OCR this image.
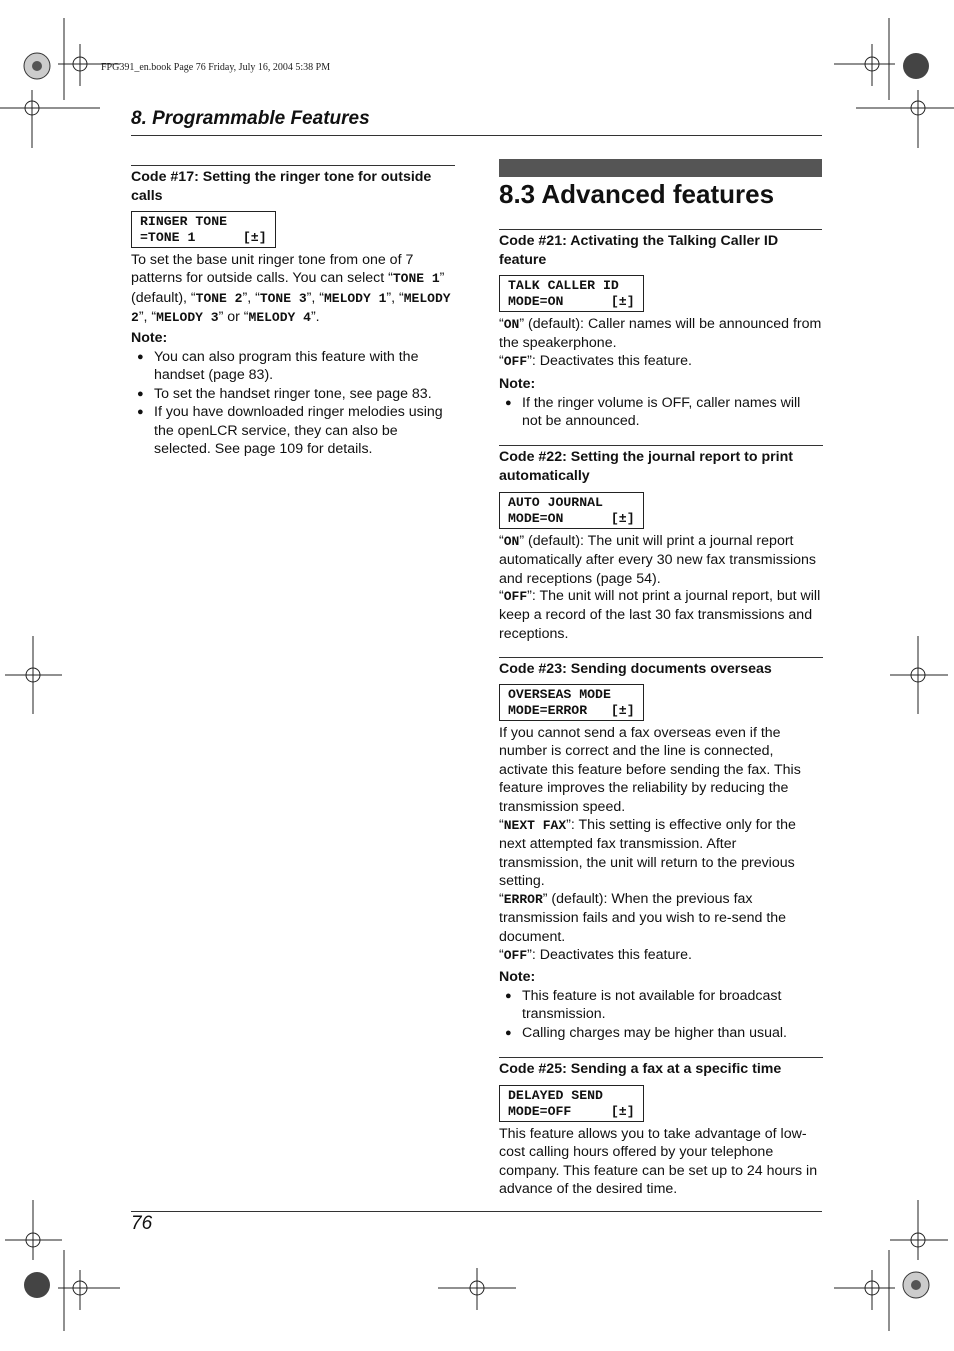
FPG391_en.book Page 76 Friday, July 16, 2004 5:38 PM
8. Programmable Features
Code #17: Setting the ringer tone for outside calls
RINGER TONE
=TONE 1      [±]

To set the base unit ringer tone from one of 7 patterns for outside calls. You can select “TONE 1” (default), “TONE 2”, “TONE 3”, “MELODY 1”, “MELODY 2”, “MELODY 3” or “MELODY 4”.

Note:
● You can also program this feature with the handset (page 83).
● To set the handset ringer tone, see page 83.
● If you have downloaded ringer melodies using the openLCR service, they can also be selected. See page 109 for details.
8.3 Advanced features
Code #21: Activating the Talking Caller ID feature
TALK CALLER ID
MODE=ON      [±]

“ON” (default): Caller names will be announced from the speakerphone.

“OFF”: Deactivates this feature.

Note:
● If the ringer volume is OFF, caller names will not be announced.
Code #22: Setting the journal report to print automatically
AUTO JOURNAL
MODE=ON      [±]

“ON” (default): The unit will print a journal report automatically after every 30 new fax transmissions and receptions (page 54).

“OFF”: The unit will not print a journal report, but will keep a record of the last 30 fax transmissions and receptions.

Code #23: Sending documents overseas
OVERSEAS MODE
MODE=ERROR   [±]

If you cannot send a fax overseas even if the number is correct and the line is connected, activate this feature before sending the fax. This feature improves the reliability by reducing the transmission speed.

“NEXT FAX”: This setting is effective only for the next attempted fax transmission. After transmission, the unit will return to the previous setting.

“ERROR” (default): When the previous fax transmission fails and you wish to re-send the document.

“OFF”: Deactivates this feature.

Note:
● This feature is not available for broadcast transmission.
● Calling charges may be higher than usual.
Code #25: Sending a fax at a specific time
DELAYED SEND
MODE=OFF     [±]

This feature allows you to take advantage of low-cost calling hours offered by your telephone company. This feature can be set up to 24 hours in advance of the desired time.

76
